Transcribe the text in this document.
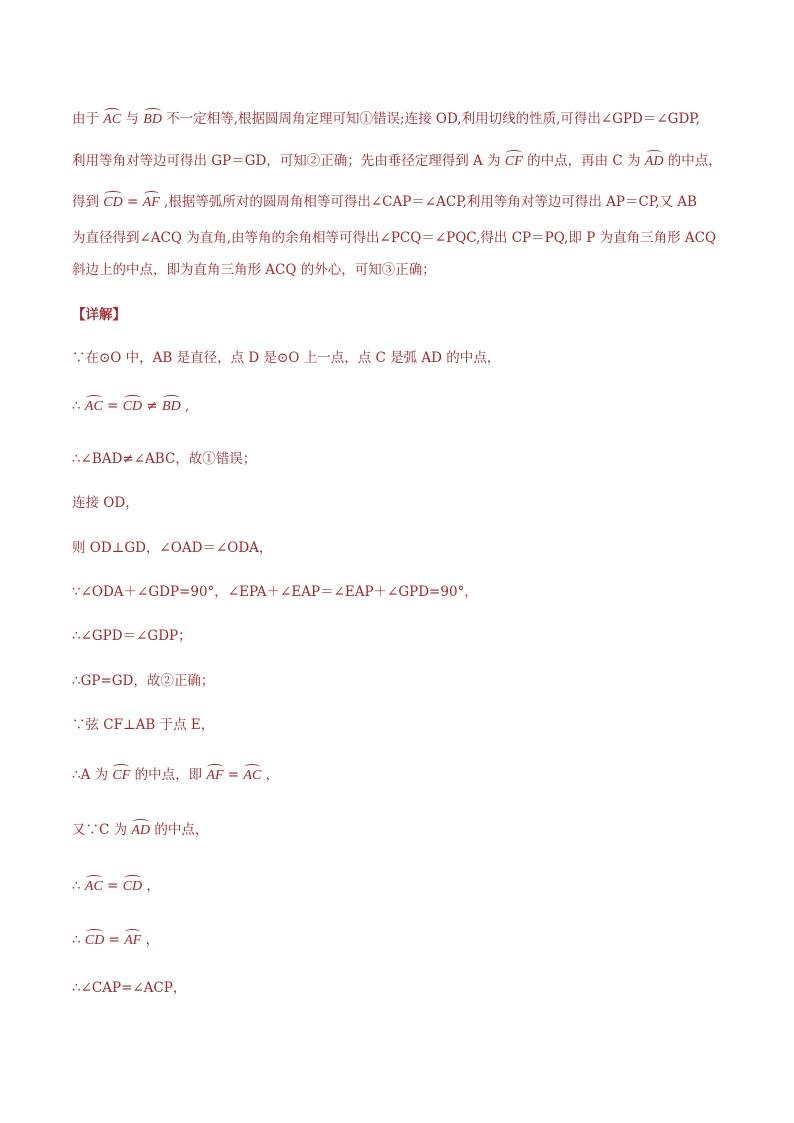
由于 AC 与 BD 不一定相等,根据圆周角定理可知①错误;连接 OD,利用切线的性质,可得出∠GPD＝∠GDP,
利用等角对等边可得出 GP＝GD，可知②正确；先由垂径定理得到 A 为 CF 的中点，再由 C 为 AD 的中点，
得到 CD = AF ,根据等弧所对的圆周角相等可得出∠CAP＝∠ACP,利用等角对等边可得出 AP＝CP,又 AB
为直径得到∠ACQ 为直角,由等角的余角相等可得出∠PCQ＝∠PQC,得出 CP＝PQ,即 P 为直角三角形 ACQ
斜边上的中点，即为直角三角形 ACQ 的外心，可知③正确；
【详解】
∵在⊙O 中，AB 是直径，点 D 是⊙O 上一点，点 C 是弧 AD 的中点，
∴ AC = CD ≠ BD ,
∴∠BAD≠∠ABC，故①错误；
连接 OD，
则 OD⊥GD，∠OAD＝∠ODA，
∵∠ODA＋∠GDP=90°，∠EPA＋∠EAP＝∠EAP＋∠GPD=90°，
∴∠GPD＝∠GDP；
∴GP=GD，故②正确；
∵弦 CF⊥AB 于点 E，
∴A 为 CF 的中点，即 AF = AC ，
又∵C 为 AD 的中点，
∴ AC = CD ，
∴ CD = AF ，
∴∠CAP=∠ACP，
